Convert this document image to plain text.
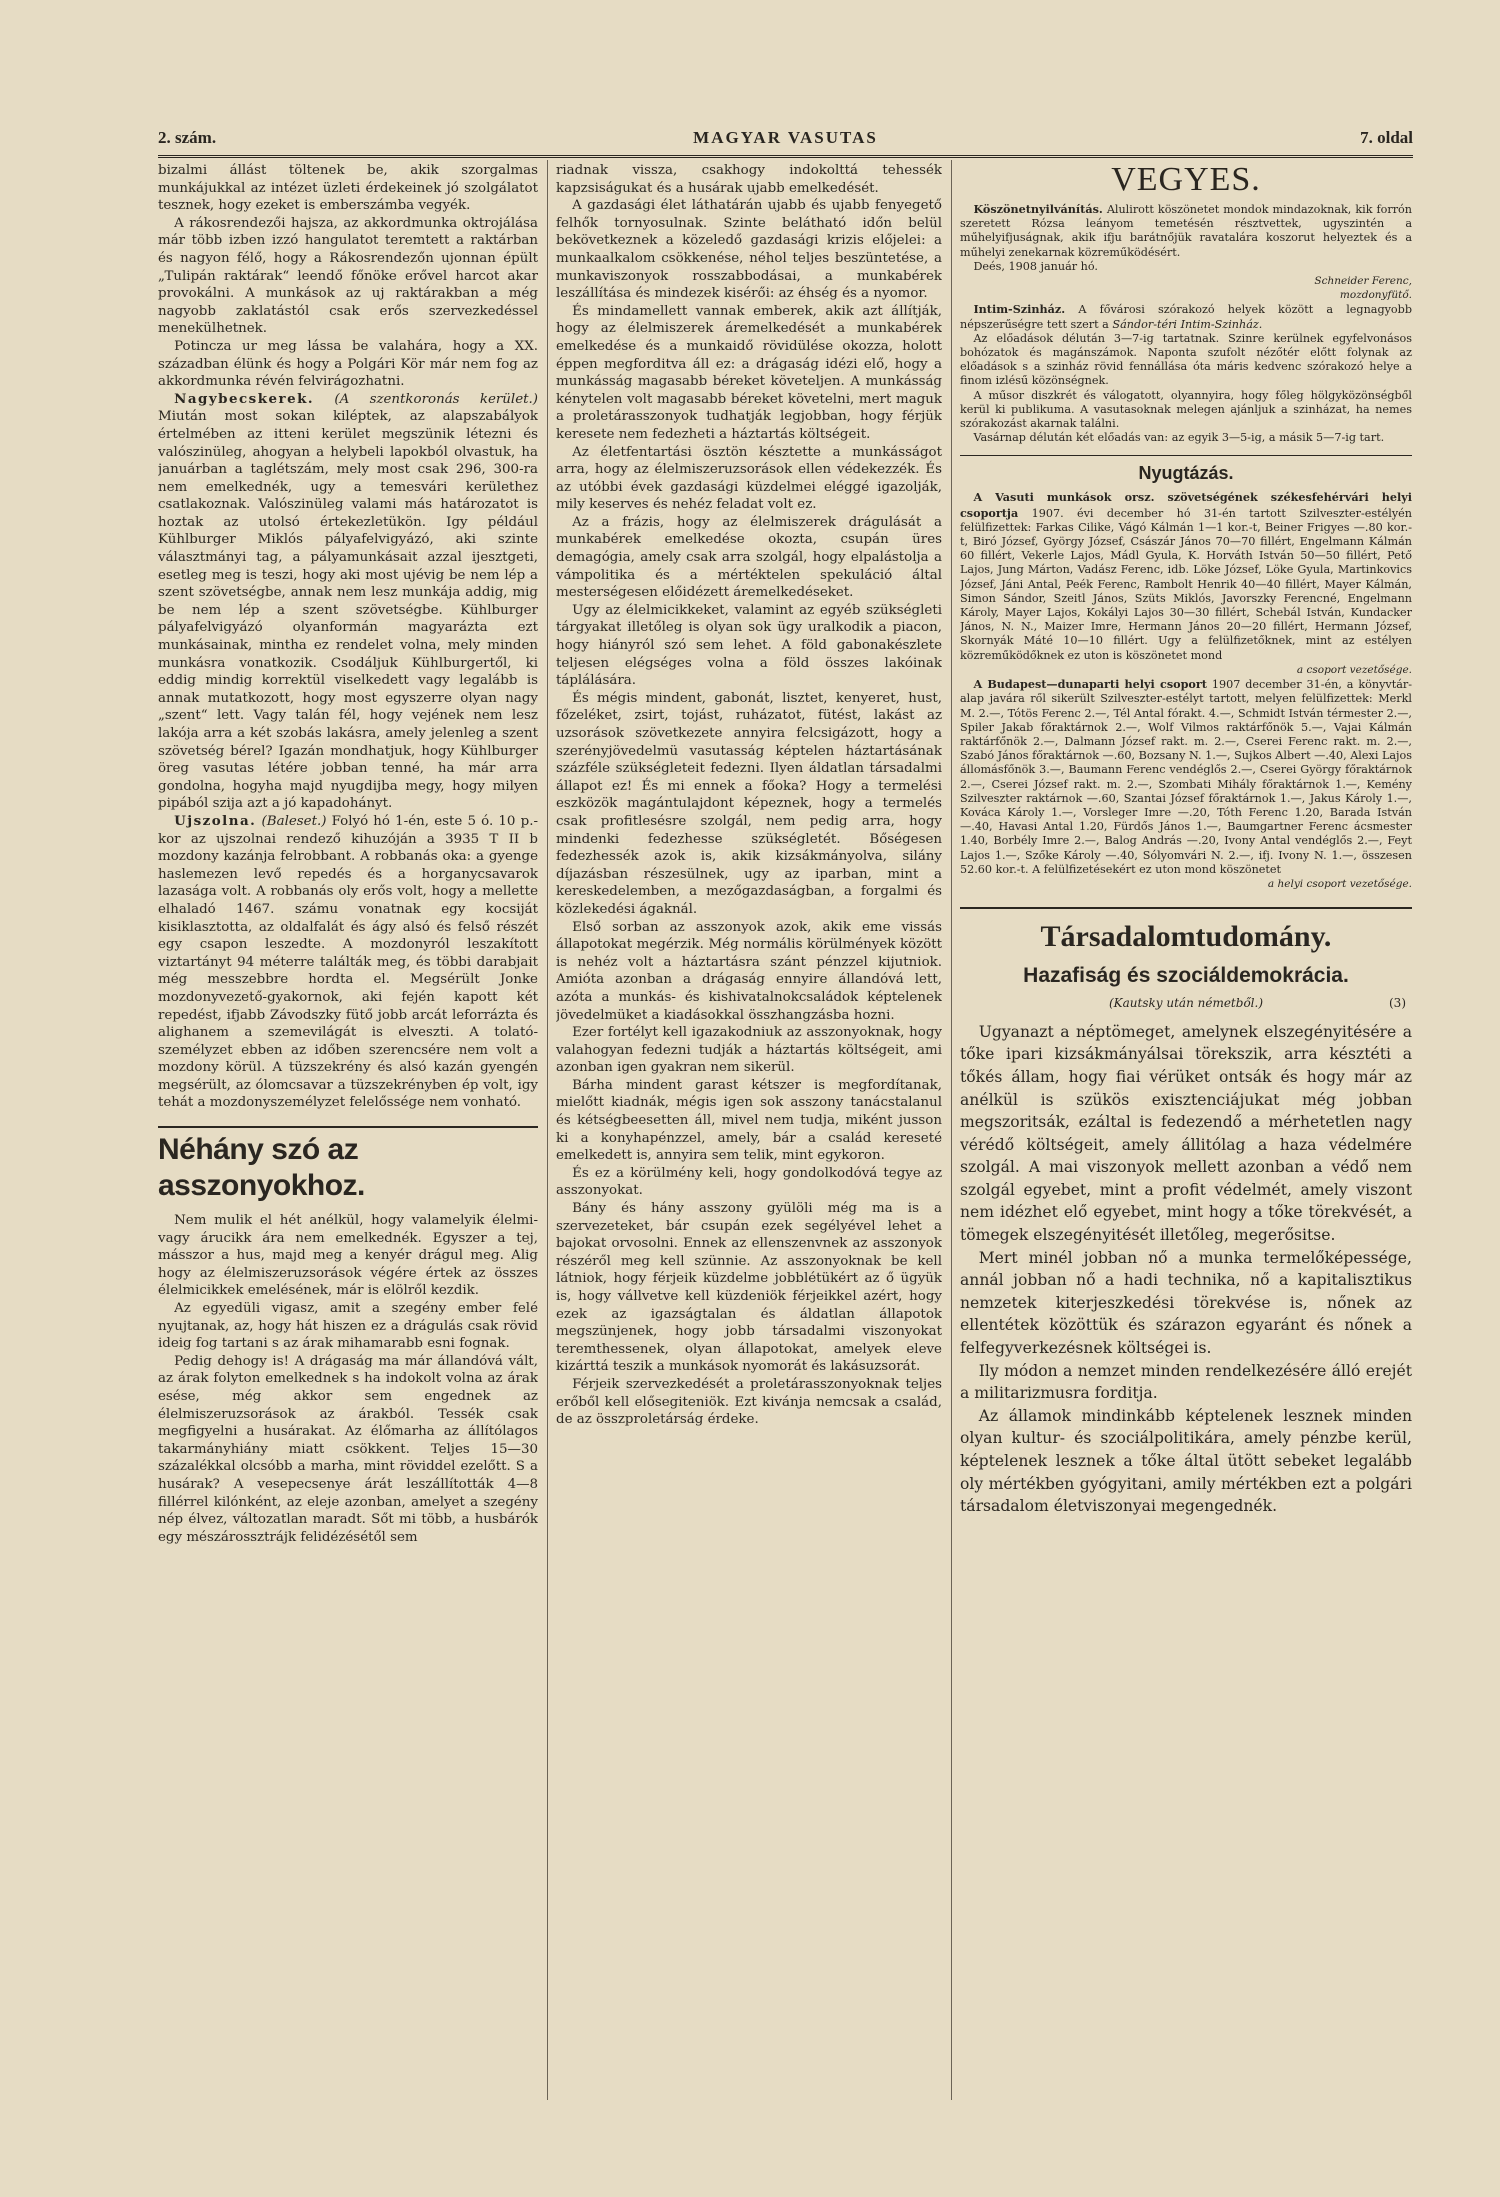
2. szám.	MAGYAR VASUTAS	7. oldal

bizalmi állást töltenek be, akik szorgalmas munkájukkal az intézet üzleti érdekeinek jó szolgálatot tesznek, hogy ezeket is emberszámba vegyék.

A rákosrendezői hajsza, az akkordmunka oktrojálása már több izben izzó hangulatot teremtett a raktárban és nagyon félő, hogy a Rákosrendezőn ujonnan épült „Tulipán raktárak“ leendő főnöke erővel harcot akar provokálni. A munkások az uj raktárakban a még nagyobb zaklatástól csak erős szervezkedéssel menekülhetnek.

Potincza ur meg lássa be valahára, hogy a XX. században élünk és hogy a Polgári Kör már nem fog az akkordmunka révén felvirágozhatni.

Nagybecskerek. (A szentkoronás kerület.) Miután most sokan kiléptek, az alapszabályok értelmében az itteni kerület megszünik létezni és valószinüleg, ahogyan a helybeli lapokból olvastuk, ha januárban a taglétszám, mely most csak 296, 300-ra nem emelkednék, ugy a temesvári kerülethez csatlakoznak. Valószinüleg valami más határozatot is hoztak az utolsó értekezletükön. Igy például Kühlburger Miklós pályafelvigyázó, aki szinte választmányi tag, a pályamunkásait azzal ijesztgeti, esetleg meg is teszi, hogy aki most ujévig be nem lép a szent szövetségbe, annak nem lesz munkája addig, mig be nem lép a szent szövetségbe. Kühlburger pályafelvigyázó olyanformán magyarázta ezt munkásainak, mintha ez rendelet volna, mely minden munkásra vonatkozik. Csodáljuk Kühlburgertől, ki eddig mindig korrektül viselkedett vagy legalább is annak mutatkozott, hogy most egyszerre olyan nagy „szent“ lett. Vagy talán fél, hogy vejének nem lesz lakója arra a két szobás lakásra, amely jelenleg a szent szövetség bérel? Igazán mondhatjuk, hogy Kühlburger öreg vasutas létére jobban tenné, ha már arra gondolna, hogyha majd nyugdijba megy, hogy milyen pipából szija azt a jó kapadohányt.

Ujszolna. (Baleset.) Folyó hó 1-én, este 5 ó. 10 p.-kor az ujszolnai rendező kihuzóján a 3935 T II b mozdony kazánja felrobbant. A robbanás oka: a gyenge haslemezen levő repedés és a horganycsavarok lazasága volt. A robbanás oly erős volt, hogy a mellette elhaladó 1467. számu vonatnak egy kocsiját kisiklasztotta, az oldalfalát és ágy alsó és felső részét egy csapon leszedte. A mozdonyról leszakított viztartányt 94 méterre találták meg, és többi darabjait még messzebbre hordta el. Megsérült Jonke mozdonyvezető-gyakornok, aki fején kapott két repedést, ifjabb Závodszky fütő jobb arcát leforrázta és alighanem a szemevilágát is elveszti. A tolató-személyzet ebben az időben szerencsére nem volt a mozdony körül. A tüzszekrény és alsó kazán gyengén megsérült, az ólomcsavar a tüzszekrényben ép volt, igy tehát a mozdonyszemélyzet felelőssége nem vonható.

Néhány szó az asszonyokhoz.

Nem mulik el hét anélkül, hogy valamelyik élelmi- vagy árucikk ára nem emelkednék. Egyszer a tej, másszor a hus, majd meg a kenyér drágul meg. Alig hogy az élelmiszeruzsorások végére értek az összes élelmicikkek emelésének, már is elölről kezdik.

Az egyedüli vigasz, amit a szegény ember felé nyujtanak, az, hogy hát hiszen ez a drágulás csak rövid ideig fog tartani s az árak mihamarabb esni fognak.

Pedig dehogy is! A drágaság ma már állandóvá vált, az árak folyton emelkednek s ha indokolt volna az árak esése, még akkor sem engednek az élelmiszeruzsorások az árakból. Tessék csak megfigyelni a husárakat. Az élőmarha az állítólagos takarmányhiány miatt csökkent. Teljes 15—30 százalékkal olcsóbb a marha, mint röviddel ezelőtt. S a husárak? A vesepecsenye árát leszállították 4—8 fillérrel kilónként, az eleje azonban, amelyet a szegény nép élvez, változatlan maradt. Sőt mi több, a husbárók egy mészárossztrájk felidézésétől sem

riadnak vissza, csakhogy indokolttá tehessék kapzsiságukat és a husárak ujabb emelkedését.

A gazdasági élet láthatárán ujabb és ujabb fenyegető felhők tornyosulnak. Szinte belátható időn belül bekövetkeznek a közeledő gazdasági krizis előjelei: a munkaalkalom csökkenése, néhol teljes beszüntetése, a munkaviszonyok rosszabbodásai, a munkabérek leszállítása és mindezek kisérői: az éhség és a nyomor.

És mindamellett vannak emberek, akik azt állítják, hogy az élelmiszerek áremelkedését a munkabérek emelkedése és a munkaidő rövidülése okozza, holott éppen megforditva áll ez: a drágaság idézi elő, hogy a munkásság magasabb béreket követeljen. A munkásság kénytelen volt magasabb béreket követelni, mert maguk a proletárasszonyok tudhatják legjobban, hogy férjük keresete nem fedezheti a háztartás költségeit.

Az életfentartási ösztön késztette a munkásságot arra, hogy az élelmiszeruzsorások ellen védekezzék. És az utóbbi évek gazdasági küzdelmei eléggé igazolják, mily keserves és nehéz feladat volt ez.

Az a frázis, hogy az élelmiszerek drágulását a munkabérek emelkedése okozta, csupán üres demagógia, amely csak arra szolgál, hogy elpalástolja a vámpolitika és a mértéktelen spekuláció által mesterségesen előidézett áremelkedéseket.

Ugy az élelmicikkeket, valamint az egyéb szükségleti tárgyakat illetőleg is olyan sok ügy uralkodik a piacon, hogy hiányról szó sem lehet. A föld gabonakészlete teljesen elégséges volna a föld összes lakóinak táplálására.

És mégis mindent, gabonát, lisztet, kenyeret, hust, főzeléket, zsirt, tojást, ruházatot, fütést, lakást az uzsorások szövetkezete annyira felcsigázott, hogy a szerényjövedelmü vasutasság képtelen háztartásának százféle szükségleteit fedezni. Ilyen áldatlan társadalmi állapot ez! És mi ennek a főoka? Hogy a termelési eszközök magántulajdont képeznek, hogy a termelés csak profitlesésre szolgál, nem pedig arra, hogy mindenki fedezhesse szükségletét. Bőségesen fedezhessék azok is, akik kizsákmányolva, silány díjazásban részesülnek, ugy az iparban, mint a kereskedelemben, a mezőgazdaságban, a forgalmi és közlekedési ágaknál.

Első sorban az asszonyok azok, akik eme vissás állapotokat megérzik. Még normális körülmények között is nehéz volt a háztartásra szánt pénzzel kijutniok. Amióta azonban a drágaság ennyire állandóvá lett, azóta a munkás- és kishivatalnokcsaládok képtelenek jövedelmüket a kiadásokkal összhangzásba hozni.

Ezer fortélyt kell igazakodniuk az asszonyoknak, hogy valahogyan fedezni tudják a háztartás költségeit, ami azonban igen gyakran nem sikerül.

Bárha mindent garast kétszer is megfordítanak, mielőtt kiadnák, mégis igen sok asszony tanácstalanul és kétségbeesetten áll, mivel nem tudja, miként jusson ki a konyhapénzzel, amely, bár a család kereseté emelkedett is, annyira sem telik, mint egykoron.

És ez a körülmény keli, hogy gondolkodóvá tegye az asszonyokat.

Bány és hány asszony gyülöli még ma is a szervezeteket, bár csupán ezek segélyével lehet a bajokat orvosolni. Ennek az ellenszenvnek az asszonyok részéről meg kell szünnie. Az asszonyoknak be kell látniok, hogy férjeik küzdelme jobblétükért az ő ügyük is, hogy vállvetve kell küzdeniök férjeikkel azért, hogy ezek az igazságtalan és áldatlan állapotok megszünjenek, hogy jobb társadalmi viszonyokat teremthessenek, olyan állapotokat, amelyek eleve kizárttá teszik a munkások nyomorát és lakásuzsorát.

Férjeik szervezkedését a proletárasszonyoknak teljes erőből kell elősegiteniök. Ezt kivánja nemcsak a család, de az összproletárság érdeke.

VEGYES.

Köszönetnyilvánítás. Alulirott köszönetet mondok mindazoknak, kik forrón szeretett Rózsa leányom temetésén résztvettek, ugyszintén a műhelyifjuságnak, akik ifju barátnőjük ravatalára koszorut helyeztek és a műhelyi zenekarnak közreműködésért.

Deés, 1908 január hó.

Schneider Ferenc,
mozdonyfütő.

Intim-Szinház. A fővárosi szórakozó helyek között a legnagyobb népszerűségre tett szert a Sándor-téri Intim-Szinház.

Az előadások délután 3—7-ig tartatnak. Szinre kerülnek egyfelvonásos bohózatok és magánszámok. Naponta szufolt nézőtér előtt folynak az előadások s a szinház rövid fennállása óta máris kedvenc szórakozó helye a finom izlésű közönségnek.

A műsor diszkrét és válogatott, olyannyira, hogy főleg hölgyközönségből kerül ki publikuma. A vasutasoknak melegen ajánljuk a szinházat, ha nemes szórakozást akarnak találni.

Vasárnap délután két előadás van: az egyik 3—5-ig, a másik 5—7-ig tart.

Nyugtázás.

A Vasuti munkások orsz. szövetségének székesfehérvári helyi csoportja 1907. évi december hó 31-én tartott Szilveszter-estélyén felülfizettek: Farkas Cilike, Vágó Kálmán 1—1 kor.-t, Beiner Frigyes —.80 kor.-t, Biró József, György József, Császár János 70—70 fillért, Engelmann Kálmán 60 fillért, Vekerle Lajos, Mádl Gyula, K. Horváth István 50—50 fillért, Pető Lajos, Jung Márton, Vadász Ferenc, idb. Löke József, Löke Gyula, Martinkovics József, Jáni Antal, Peék Ferenc, Rambolt Henrik 40—40 fillért, Mayer Kálmán, Simon Sándor, Szeitl János, Szüts Miklós, Javorszky Ferencné, Engelmann Károly, Mayer Lajos, Kokályi Lajos 30—30 fillért, Schebál István, Kundacker János, N. N., Maizer Imre, Hermann János 20—20 fillért, Hermann József, Skornyák Máté 10—10 fillért. Ugy a felülfizetőknek, mint az estélyen közreműködőknek ez uton is köszönetet mond

a csoport vezetősége.

A Budapest—dunaparti helyi csoport 1907 december 31-én, a könyvtár-alap javára ről sikerült Szilveszter-estélyt tartott, melyen felülfizettek: Merkl M. 2.—, Tótös Ferenc 2.—, Tél Antal fórakt. 4.—, Schmidt István térmester 2.—, Spiler Jakab főraktárnok 2.—, Wolf Vilmos raktárfőnök 5.—, Vajai Kálmán raktárfőnök 2.—, Dalmann József rakt. m. 2.—, Cserei Ferenc rakt. m. 2.—, Szabó János főraktárnok —.60, Bozsany N. 1.—, Sujkos Albert —.40, Alexi Lajos állomásfőnök 3.—, Baumann Ferenc vendéglős 2.—, Cserei György főraktárnok 2.—, Cserei József rakt. m. 2.—, Szombati Mihály főraktárnok 1.—, Kemény Szilveszter raktárnok —.60, Szantai József főraktárnok 1.—, Jakus Károly 1.—, Kováca Károly 1.—, Vorsleger Imre —.20, Tóth Ferenc 1.20, Barada István —.40, Havasi Antal 1.20, Fürdős János 1.—, Baumgartner Ferenc ácsmester 1.40, Borbély Imre 2.—, Balog András —.20, Ivony Antal vendéglős 2.—, Feyt Lajos 1.—, Szőke Károly —.40, Sólyomvári N. 2.—, ifj. Ivony N. 1.—, összesen 52.60 kor.-t. A felülfizetésekért ez uton mond köszönetet

a helyi csoport vezetősége.
Társadalomtudomány.
Hazafiság és szociáldemokrácia.
(Kautsky után németből.)	(3)

Ugyanazt a néptömeget, amelynek elszegényitésére a tőke ipari kizsákmányálsai törekszik, arra késztéti a tőkés állam, hogy fiai vérüket ontsák és hogy már az anélkül is szükös exisztenciájukat még jobban megszoritsák, ezáltal is fedezendő a mérhetetlen nagy vérédő költségeit, amely állitólag a haza védelmére szolgál. A mai viszonyok mellett azonban a védő nem szolgál egyebet, mint a profit védelmét, amely viszont nem idézhet elő egyebet, mint hogy a tőke törekvését, a tömegek elszegényitését illetőleg, megerősitse.

Mert minél jobban nő a munka termelőképessége, annál jobban nő a hadi technika, nő a kapitalisztikus nemzetek kiterjeszkedési törekvése is, nőnek az ellentétek közöttük és szárazon egyaránt és nőnek a felfegyverkezésnek költségei is.

Ily módon a nemzet minden rendelkezésére álló erejét a militarizmusra forditja.

Az államok mindinkább képtelenek lesznek minden olyan kultur- és szociálpolitikára, amely pénzbe kerül, képtelenek lesznek a tőke által ütött sebeket legalább oly mértékben gyógyitani, amily mértékben ezt a polgári társadalom életviszonyai megengednék.
